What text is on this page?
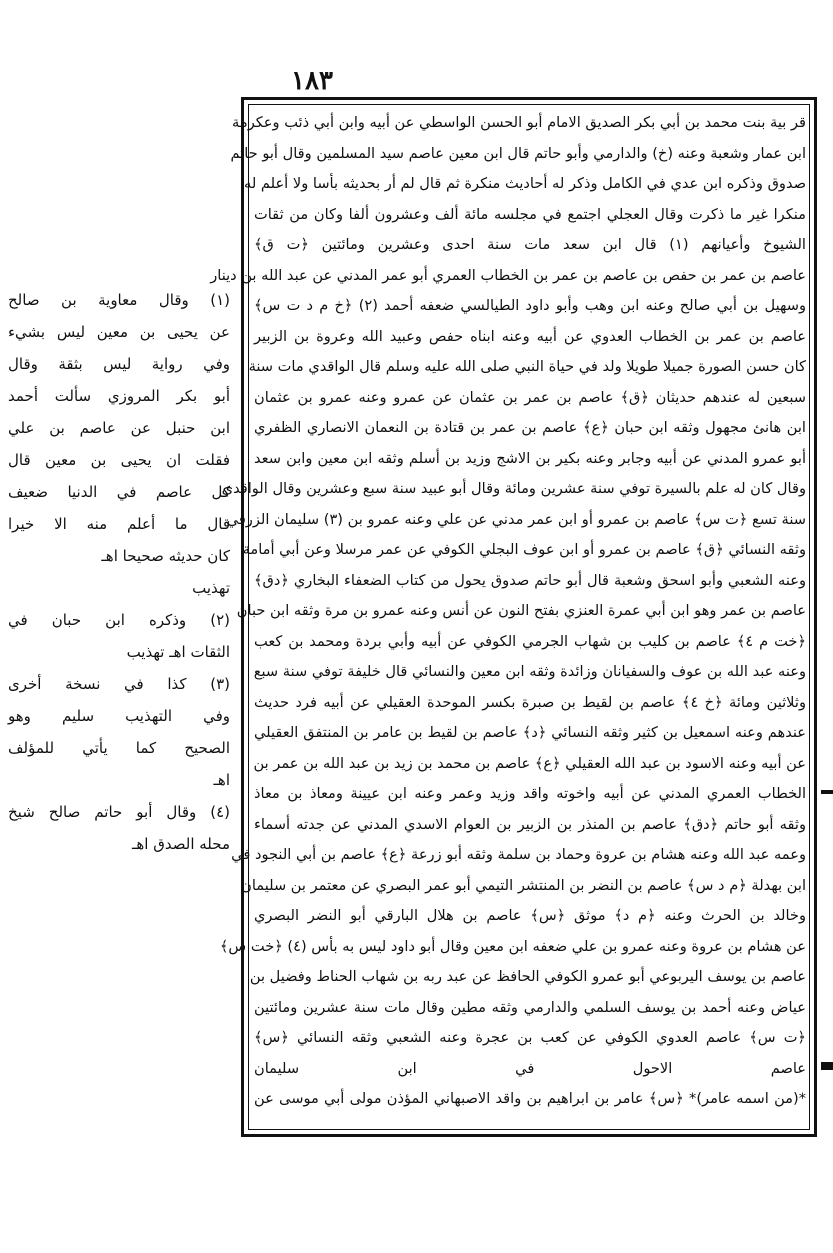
١٨٣
قر بية بنت محمد بن أبي بكر الصديق الامام أبو الحسن الواسطي عن أبيه وابن أبي ذئب وعكرمة
ابن عمار وشعبة وعنه (خ) والدارمي وأبو حاتم قال ابن معين عاصم سيد المسلمين وقال أبو حاتم
صدوق وذكره ابن عدي في الكامل وذكر له أحاديث منكرة ثم قال لم أر بحديثه بأسا ولا أعلم له
منكرا غير ما ذكرت وقال العجلي اجتمع في مجلسه مائة ألف وعشرون ألفا وكان من ثقات
الشيوخ وأعيانهم (١) قال ابن سعد مات سنة احدى وعشرين ومائتين ﴿ت ق﴾
عاصم بن عمر بن حفص بن عاصم بن عمر بن الخطاب العمري أبو عمر المدني عن عبد الله بن دينار
وسهيل بن أبي صالح وعنه ابن وهب وأبو داود الطيالسي ضعفه أحمد (٢) ﴿خ م د ت س﴾
عاصم بن عمر بن الخطاب العدوي عن أبيه وعنه ابناه حفص وعبيد الله وعروة بن الزبير
كان حسن الصورة جميلا طويلا ولد في حياة النبي صلى الله عليه وسلم قال الواقدي مات سنة
سبعين له عندهم حديثان ﴿ق﴾ عاصم بن عمر بن عثمان عن عمرو وعنه عمرو بن عثمان
ابن هانئ مجهول وثقه ابن حبان ﴿ع﴾ عاصم بن عمر بن قتادة بن النعمان الانصاري الظفري
أبو عمرو المدني عن أبيه وجابر وعنه بكير بن الاشج وزيد بن أسلم وثقه ابن معين وابن سعد
وقال كان له علم بالسيرة توفي سنة عشرين ومائة وقال أبو عبيد سنة سبع وعشرين وقال الواقدي
سنة تسع ﴿ت س﴾ عاصم بن عمرو أو ابن عمر مدني عن علي وعنه عمرو بن (٣) سليمان الزرقي
وثقه النسائي ﴿ق﴾ عاصم بن عمرو أو ابن عوف البجلي الكوفي عن عمر مرسلا وعن أبي أمامة
وعنه الشعبي وأبو اسحق وشعبة قال أبو حاتم صدوق يحول من كتاب الضعفاء البخاري ﴿دق﴾
عاصم بن عمر وهو ابن أبي عمرة العنزي بفتح النون عن أنس وعنه عمرو بن مرة وثقه ابن حبان
﴿خت م ٤﴾ عاصم بن كليب بن شهاب الجرمي الكوفي عن أبيه وأبي بردة ومحمد بن كعب
وعنه عبد الله بن عوف والسفيانان وزائدة وثقه ابن معين والنسائي قال خليفة توفي سنة سبع
وثلاثين ومائة ﴿خ ٤﴾ عاصم بن لقيط بن صبرة بكسر الموحدة العقيلي عن أبيه فرد حديث
عندهم وعنه اسمعيل بن كثير وثقه النسائي ﴿د﴾ عاصم بن لقيط بن عامر بن المنتفق العقيلي
عن أبيه وعنه الاسود بن عبد الله العقيلي ﴿ع﴾ عاصم بن محمد بن زيد بن عبد الله بن عمر بن
الخطاب العمري المدني عن أبيه واخوته واقد وزيد وعمر وعنه ابن عيينة ومعاذ بن معاذ
وثقه أبو حاتم ﴿دق﴾ عاصم بن المنذر بن الزبير بن العوام الاسدي المدني عن جدته أسماء
وعمه عبد الله وعنه هشام بن عروة وحماد بن سلمة وثقه أبو زرعة ﴿ع﴾ عاصم بن أبي النجود في
ابن بهدلة ﴿م د س﴾ عاصم بن النضر بن المنتشر التيمي أبو عمر البصري عن معتمر بن سليمان
وخالد بن الحرث وعنه ﴿م د﴾ موثق ﴿س﴾ عاصم بن هلال البارقي أبو النضر البصري
عن هشام بن عروة وعنه عمرو بن علي ضعفه ابن معين وقال أبو داود ليس به بأس (٤) ﴿خت س﴾
عاصم بن يوسف اليربوعي أبو عمرو الكوفي الحافظ عن عبد ربه بن شهاب الحناط وفضيل بن
عياض وعنه أحمد بن يوسف السلمي والدارمي وثقه مطين وقال مات سنة عشرين ومائتين
﴿ت س﴾ عاصم العدوي الكوفي عن كعب بن عجرة وعنه الشعبي وثقه النسائي ﴿س﴾
عاصم الاحول في ابن سليمان
*(من اسمه عامر)* ﴿س﴾ عامر بن ابراهيم بن واقد الاصبهاني المؤذن مولى أبي موسى عن
(١) وقال معاوية بن صالح
عن يحيى بن معين ليس بشيء
وفي رواية ليس بثقة وقال
أبو بكر المروزي سألت أحمد
ابن حنبل عن عاصم بن علي
فقلت ان يحيى بن معين قال
كل عاصم في الدنيا ضعيف
قال ما أعلم منه الا خيرا
كان حديثه صحيحا اهـ
تهذيب
(٢) وذكره ابن حبان في
الثقات اهـ تهذيب
(٣) كذا في نسخة أخرى
وفي التهذيب سليم وهو
الصحيح كما يأتي للمؤلف
اهـ
(٤) وقال أبو حاتم صالح شيخ
محله الصدق اهـ
